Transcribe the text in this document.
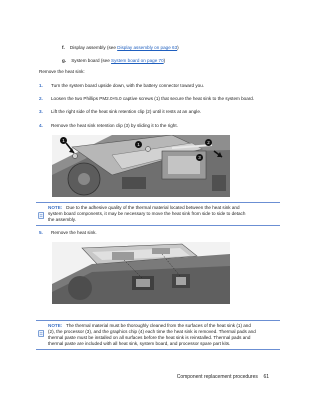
f. Display assembly (see Display assembly on page 63)
g. System board (see System board on page 70)
Remove the heat sink:
1. Turn the system board upside down, with the battery connector toward you.
2. Loosen the two Phillips PM2.0×5.0 captive screws (1) that secure the heat sink to the system board.
3. Lift the right side of the heat sink retention clip (2) until it rests at an angle.
4. Remove the heat sink retention clip (3) by sliding it to the right.
1
1	2
3
NOTE: Due to the adhesive quality of the thermal material located between the heat sink and
system board components, it may be necessary to move the heat sink from side to side to detach
the assembly.
5. Remove the heat sink.
NOTE: The thermal material must be thoroughly cleaned from the surfaces of the heat sink (1) and
(2), the processor (3), and the graphics chip (4) each time the heat sink is removed. Thermal pads and
thermal paste must be installed on all surfaces before the heat sink is reinstalled. Thermal pads and
thermal paste are included with all heat sink, system board, and processor spare part kits.
Component replacement procedures 61
